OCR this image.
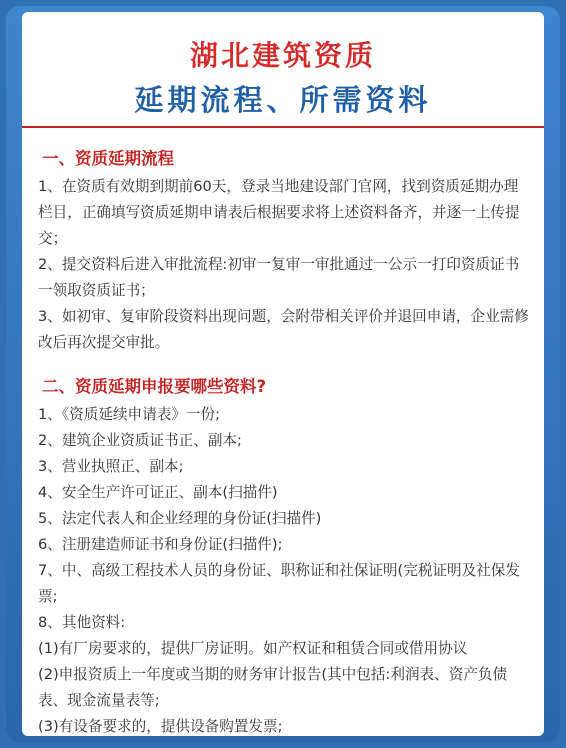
湖北建筑资质
延期流程、所需资料
一、资质延期流程

1、在资质有效期到期前60天，登录当地建设部门官网，找到资质延期办理栏目，正确填写资质延期申请表后根据要求将上述资料备齐，并逐一上传提交；

2、提交资料后进入审批流程:初审一复审一审批通过一公示一打印资质证书一领取资质证书；

3、如初审、复审阶段资料出现问题，会附带相关评价并退回申请，企业需修改后再次提交审批。

二、资质延期申报要哪些资料?

1、《资质延续申请表》一份;

2、建筑企业资质证书正、副本;

3、营业执照正、副本;

4、安全生产许可证正、副本(扫描件)

5、法定代表人和企业经理的身份证(扫描件)

6、注册建造师证书和身份证(扫描件);

7、中、高级工程技术人员的身份证、职称证和社保证明(完税证明及社保发票;

8、其他资料:

(1)有厂房要求的，提供厂房证明。如产权证和租赁合同或借用协议

(2)申报资质上一年度或当期的财务审计报告(其中包括:利润表、资产负债表、现金流量表等;

(3)有设备要求的，提供设备购置发票;
